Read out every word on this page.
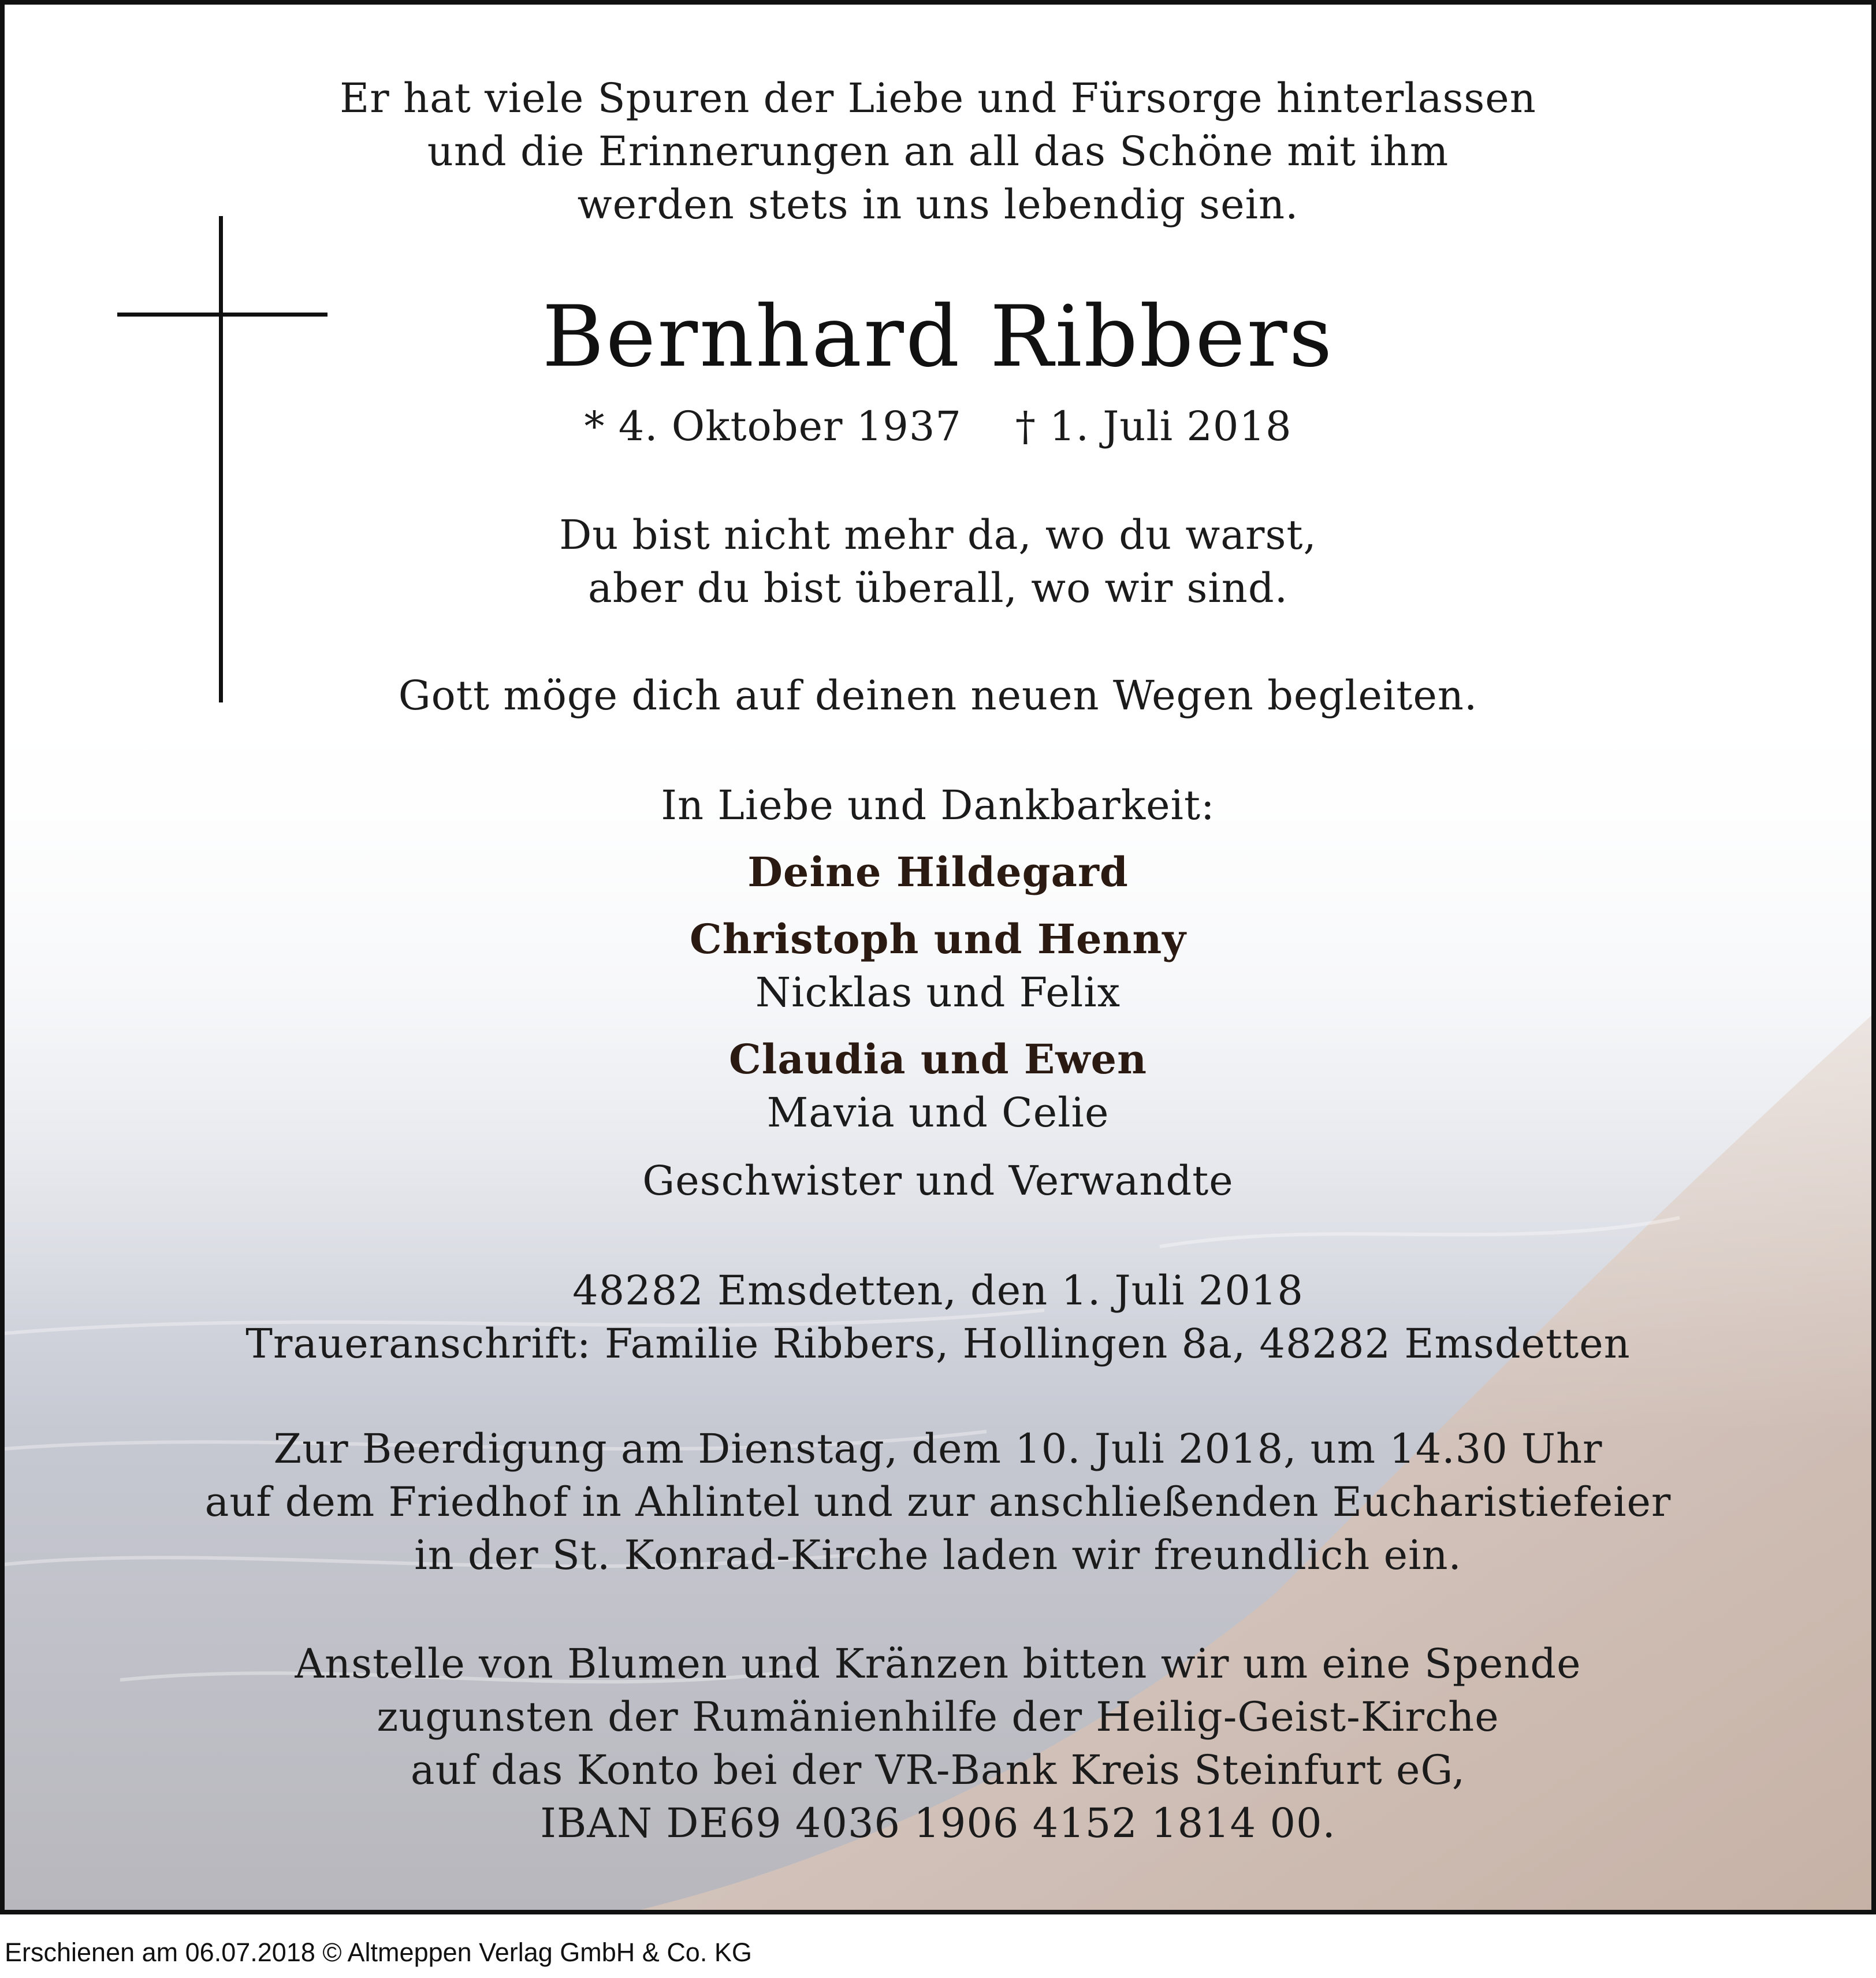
Er hat viele Spuren der Liebe und Fürsorge hinterlassen
und die Erinnerungen an all das Schöne mit ihm
werden stets in uns lebendig sein.
Bernhard Ribbers
* 4. Oktober 1937    † 1. Juli 2018
Du bist nicht mehr da, wo du warst,
aber du bist überall, wo wir sind.
Gott möge dich auf deinen neuen Wegen begleiten.
In Liebe und Dankbarkeit:
Deine Hildegard
Christoph und Henny
Nicklas und Felix
Claudia und Ewen
Mavia und Celie
Geschwister und Verwandte
48282 Emsdetten, den 1. Juli 2018
Traueranschrift: Familie Ribbers, Hollingen 8a, 48282 Emsdetten
Zur Beerdigung am Dienstag, dem 10. Juli 2018, um 14.30 Uhr
auf dem Friedhof in Ahlintel und zur anschließenden Eucharistiefeier
in der St. Konrad-Kirche laden wir freundlich ein.
Anstelle von Blumen und Kränzen bitten wir um eine Spende
zugunsten der Rumänienhilfe der Heilig-Geist-Kirche
auf das Konto bei der VR-Bank Kreis Steinfurt eG,
IBAN DE69 4036 1906 4152 1814 00.
Erschienen am 06.07.2018 © Altmeppen Verlag GmbH & Co. KG
